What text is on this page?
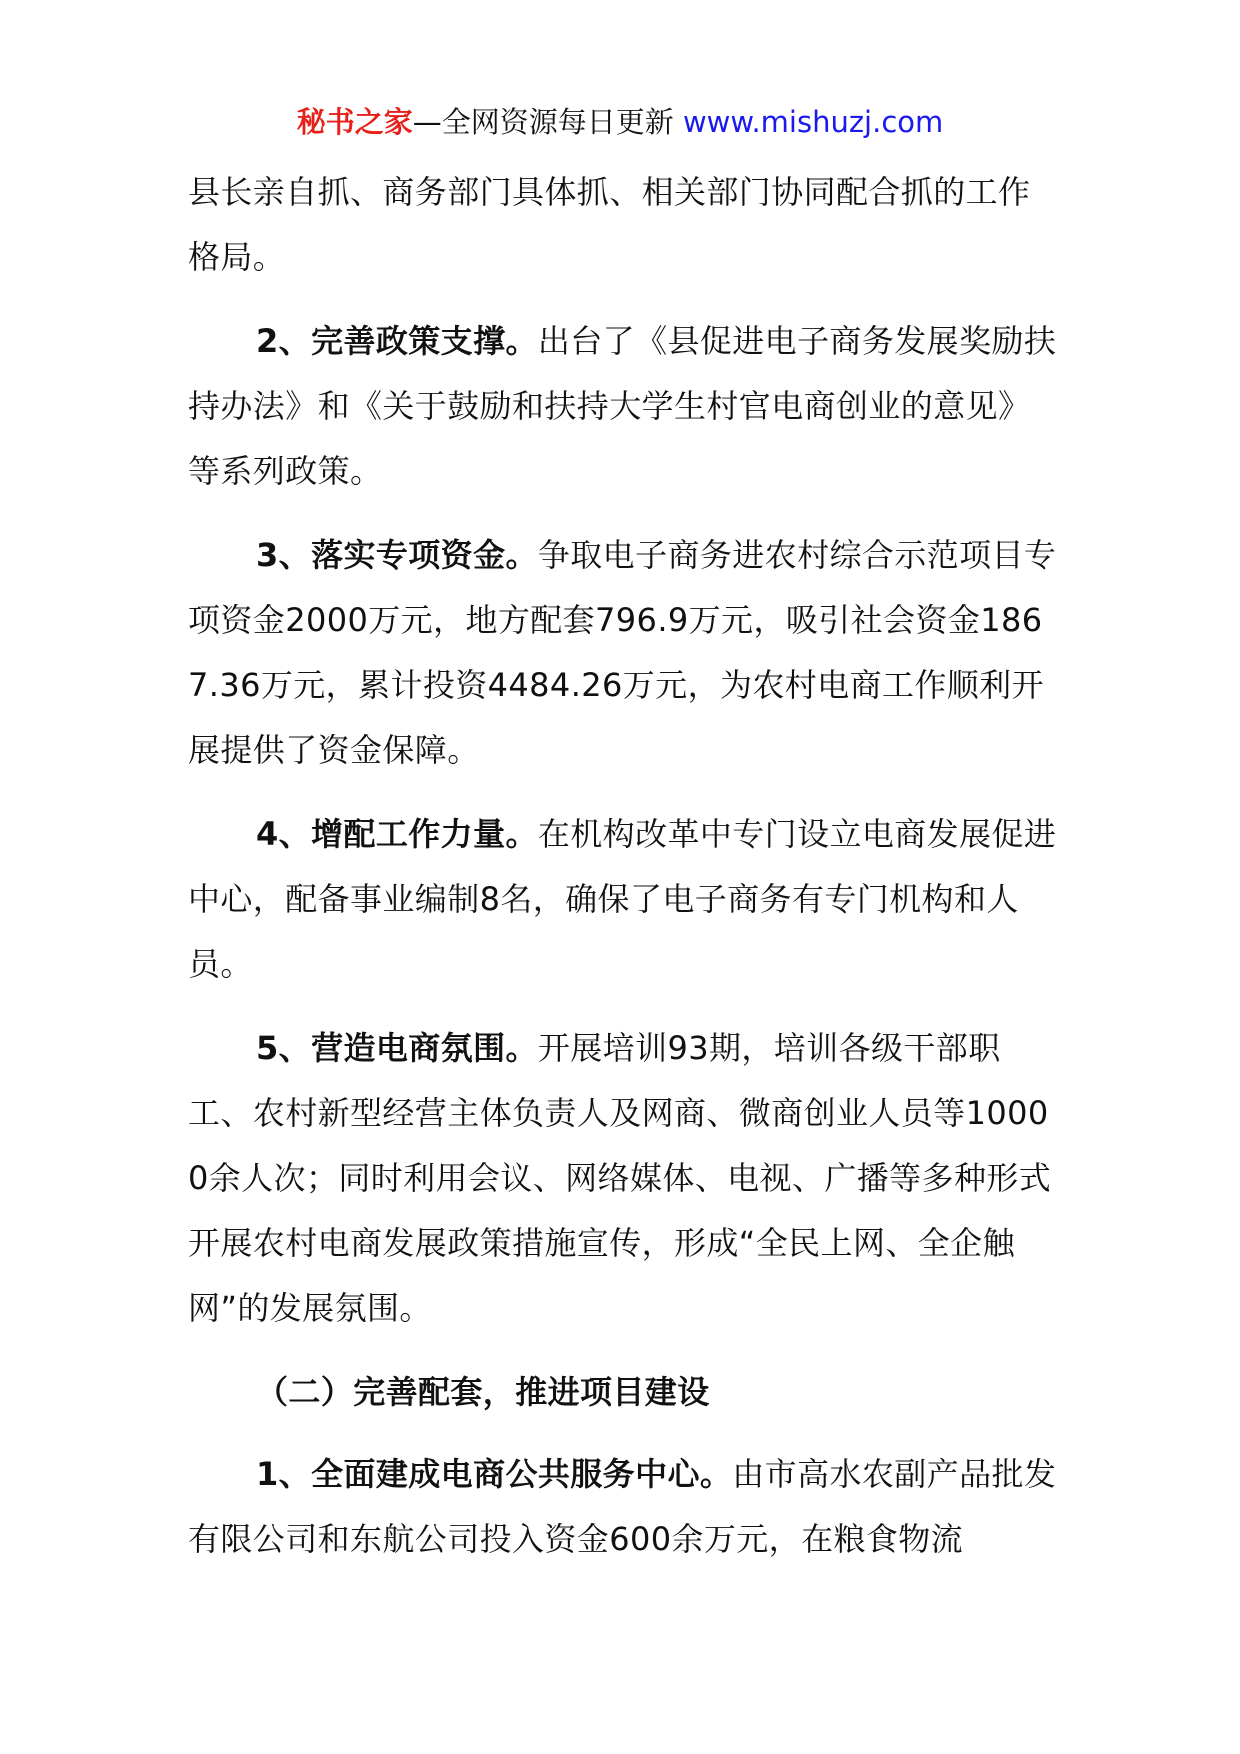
秘书之家—全网资源每日更新 www.mishuzj.com

县长亲自抓、商务部门具体抓、相关部门协同配合抓的工作格局。

2、完善政策支撑。出台了《县促进电子商务发展奖励扶持办法》和《关于鼓励和扶持大学生村官电商创业的意见》等系列政策。

3、落实专项资金。争取电子商务进农村综合示范项目专项资金2000万元，地方配套796.9万元，吸引社会资金1867.36万元，累计投资4484.26万元，为农村电商工作顺利开展提供了资金保障。

4、增配工作力量。在机构改革中专门设立电商发展促进中心，配备事业编制8名，确保了电子商务有专门机构和人员。

5、营造电商氛围。开展培训93期，培训各级干部职工、农村新型经营主体负责人及网商、微商创业人员等10000余人次；同时利用会议、网络媒体、电视、广播等多种形式开展农村电商发展政策措施宣传，形成“全民上网、全企触网”的发展氛围。

（二）完善配套，推进项目建设

1、全面建成电商公共服务中心。由市高水农副产品批发有限公司和东航公司投入资金600余万元，在粮食物流
